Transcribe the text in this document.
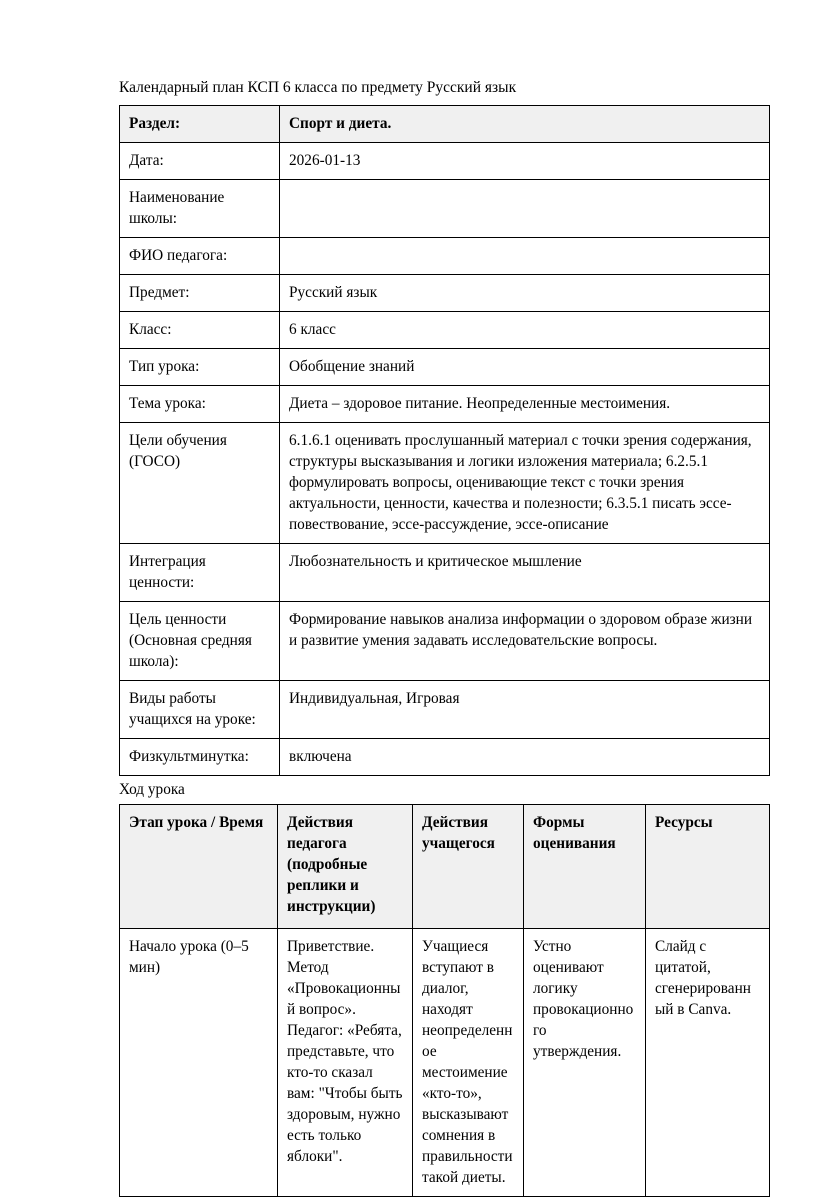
Календарный план КСП 6 класса по предмету Русский язык
Раздел:	Спорт и диета.
Дата:	2026-01-13
Наименование школы:	
ФИО педагога:	
Предмет:	Русский язык
Класс:	6 класс
Тип урока:	Обобщение знаний
Тема урока:	Диета – здоровое питание. Неопределенные местоимения.
Цели обучения (ГОСО)	6.1.6.1 оценивать прослушанный материал с точки зрения содержания, структуры высказывания и логики изложения материала; 6.2.5.1 формулировать вопросы, оценивающие текст с точки зрения актуальности, ценности, качества и полезности; 6.3.5.1 писать эссе-повествование, эссе-рассуждение, эссе-описание
Интеграция ценности:	Любознательность и критическое мышление
Цель ценности (Основная средняя школа):	Формирование навыков анализа информации о здоровом образе жизни и развитие умения задавать исследовательские вопросы.
Виды работы учащихся на уроке:	Индивидуальная, Игровая
Физкультминутка:	включена
Ход урока
Этап урока / Время	Действия педагога (подробные реплики и инструкции)	Действия учащегося	Формы оценивания	Ресурсы
Начало урока (0–5 мин)	Приветствие. Метод «Провокационный вопрос». Педагог: «Ребята, представьте, что кто-то сказал вам: "Чтобы быть здоровым, нужно есть только яблоки".	Учащиеся вступают в диалог, находят неопределенное местоимение «кто-то», высказывают сомнения в правильности такой диеты.	Устно оценивают логику провокационного утверждения.	Слайд с цитатой, сгенерированный в Canva.
